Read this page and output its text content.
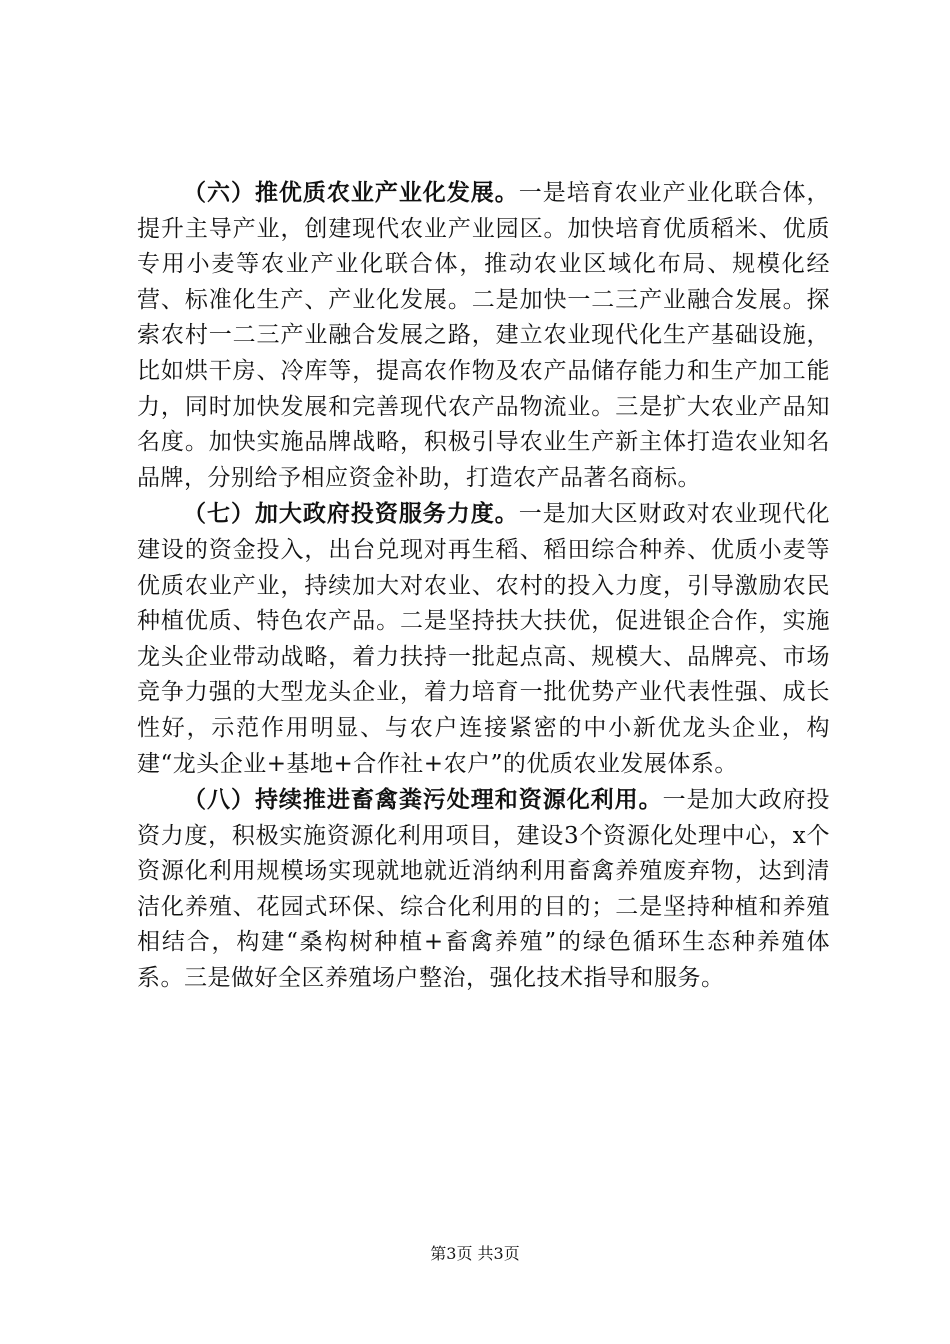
（六）推优质农业产业化发展。一是培育农业产业化联合体，提升主导产业，创建现代农业产业园区。加快培育优质稻米、优质专用小麦等农业产业化联合体，推动农业区域化布局、规模化经营、标准化生产、产业化发展。二是加快一二三产业融合发展。探索农村一二三产业融合发展之路，建立农业现代化生产基础设施，比如烘干房、冷库等，提高农作物及农产品储存能力和生产加工能力，同时加快发展和完善现代农产品物流业。三是扩大农业产品知名度。加快实施品牌战略，积极引导农业生产新主体打造农业知名品牌，分别给予相应资金补助，打造农产品著名商标。

（七）加大政府投资服务力度。一是加大区财政对农业现代化建设的资金投入，出台兑现对再生稻、稻田综合种养、优质小麦等优质农业产业，持续加大对农业、农村的投入力度，引导激励农民种植优质、特色农产品。二是坚持扶大扶优，促进银企合作，实施龙头企业带动战略，着力扶持一批起点高、规模大、品牌亮、市场竞争力强的大型龙头企业，着力培育一批优势产业代表性强、成长性好，示范作用明显、与农户连接紧密的中小新优龙头企业，构建“龙头企业+基地+合作社+农户”的优质农业发展体系。

（八）持续推进畜禽粪污处理和资源化利用。一是加大政府投资力度，积极实施资源化利用项目，建设3个资源化处理中心，x个资源化利用规模场实现就地就近消纳利用畜禽养殖废弃物，达到清洁化养殖、花园式环保、综合化利用的目的；二是坚持种植和养殖相结合，构建“桑构树种植+畜禽养殖”的绿色循环生态种养殖体系。三是做好全区养殖场户整治，强化技术指导和服务。

第3页 共3页
